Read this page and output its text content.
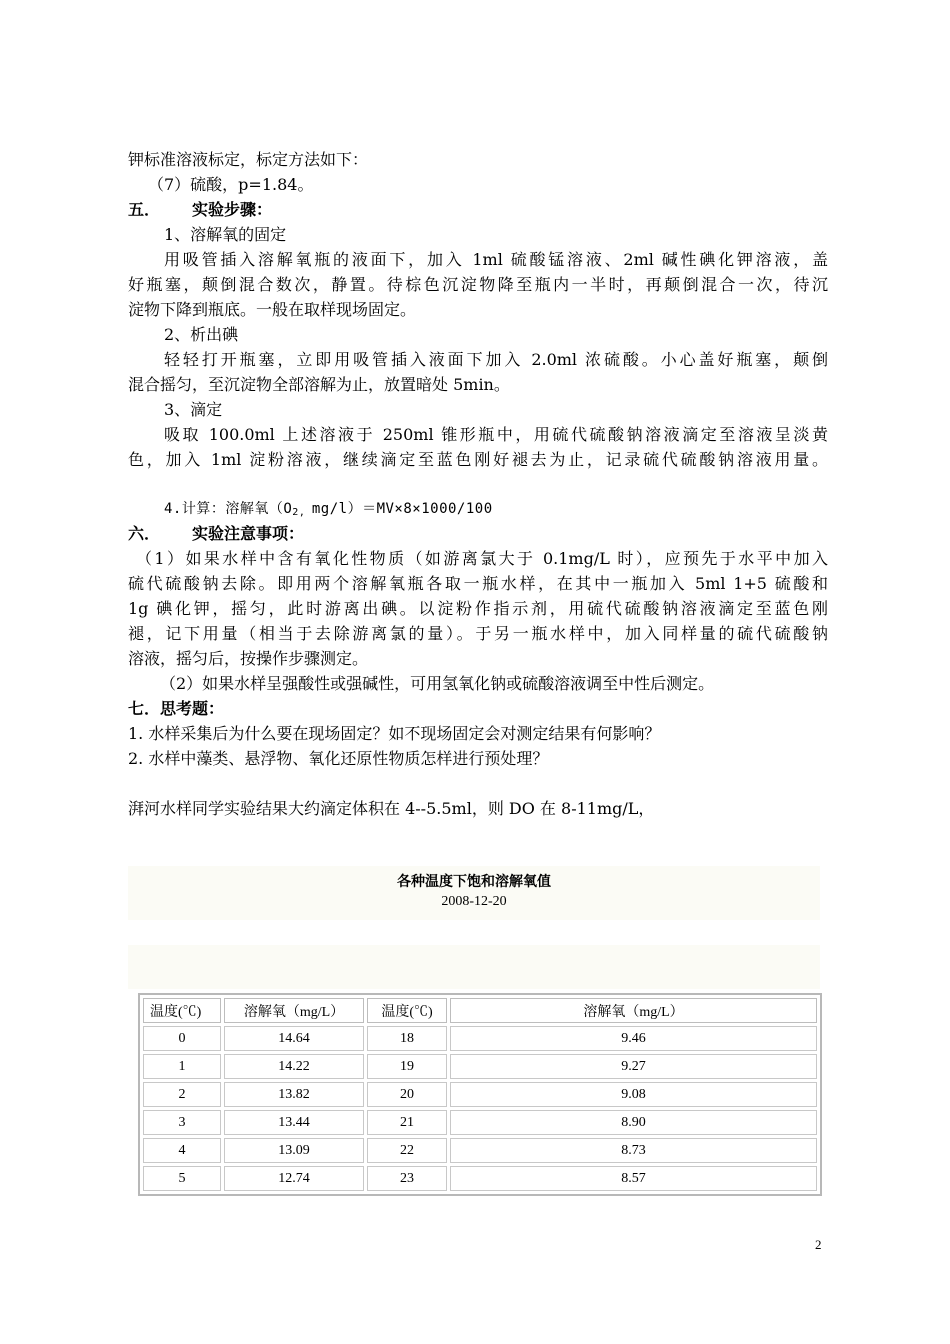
钾标准溶液标定，标定方法如下：
（7）硫酸，p=1.84。
五． 实验步骤：
1、溶解氧的固定
用吸管插入溶解氧瓶的液面下，加入 1ml 硫酸锰溶液、2ml 碱性碘化钾溶液，盖
好瓶塞，颠倒混合数次，静置。待棕色沉淀物降至瓶内一半时，再颠倒混合一次，待沉
淀物下降到瓶底。一般在取样现场固定。
2、析出碘
轻轻打开瓶塞，立即用吸管插入液面下加入 2.0ml 浓硫酸。小心盖好瓶塞，颠倒
混合摇匀，至沉淀物全部溶解为止，放置暗处 5min。
3、滴定
吸取 100.0ml 上述溶液于 250ml 锥形瓶中，用硫代硫酸钠溶液滴定至溶液呈淡黄
色，加入 1ml 淀粉溶液，继续滴定至蓝色刚好褪去为止，记录硫代硫酸钠溶液用量。
4.计算：溶解氧（$O_{2,}$ mg/l）＝MV×8×1000/100
六． 实验注意事项：
（1）如果水样中含有氧化性物质（如游离氯大于 0.1mg/L 时），应预先于水平中加入
硫代硫酸钠去除。即用两个溶解氧瓶各取一瓶水样，在其中一瓶加入 5ml 1+5 硫酸和
1g 碘化钾，摇匀，此时游离出碘。以淀粉作指示剂，用硫代硫酸钠溶液滴定至蓝色刚
褪，记下用量（相当于去除游离氯的量）。于另一瓶水样中，加入同样量的硫代硫酸钠
溶液，摇匀后，按操作步骤测定。
（2）如果水样呈强酸性或强碱性，可用氢氧化钠或硫酸溶液调至中性后测定。
七．思考题：
1. 水样采集后为什么要在现场固定？如不现场固定会对测定结果有何影响？
2. 水样中藻类、悬浮物、氧化还原性物质怎样进行预处理？
湃河水样同学实验结果大约滴定体积在 4--5.5ml，则 DO 在 8-11mg/L，
各种温度下饱和溶解氧值
2008-12-20
温度(℃)	溶解氧（mg/L）	温度(℃)	溶解氧（mg/L）
0	14.64	18	9.46
1	14.22	19	9.27
2	13.82	20	9.08
3	13.44	21	8.90
4	13.09	22	8.73
5	12.74	23	8.57
2
